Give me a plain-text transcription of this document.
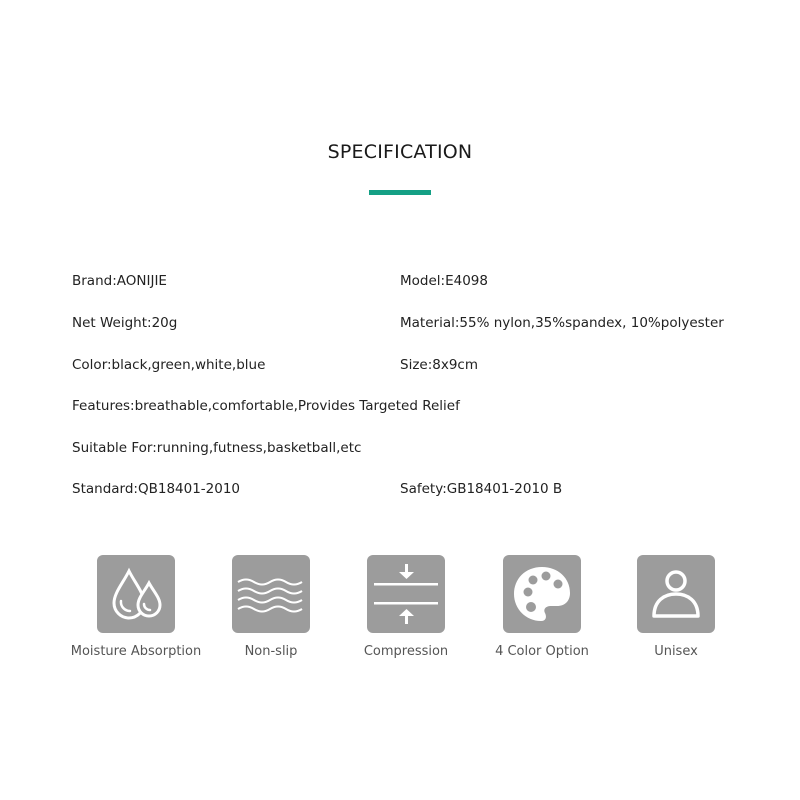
SPECIFICATION
Brand:AONIJIE	Model:E4098
Net Weight:20g	Material:55% nylon,35%spandex, 10%polyester
Color:black,green,white,blue	Size:8x9cm
Features:breathable,comfortable,Provides Targeted Relief
Suitable For:running,futness,basketball,etc
Standard:QB18401-2010	Safety:GB18401-2010 B
Moisture Absorption	Non-slip	Compression	4 Color Option	Unisex
